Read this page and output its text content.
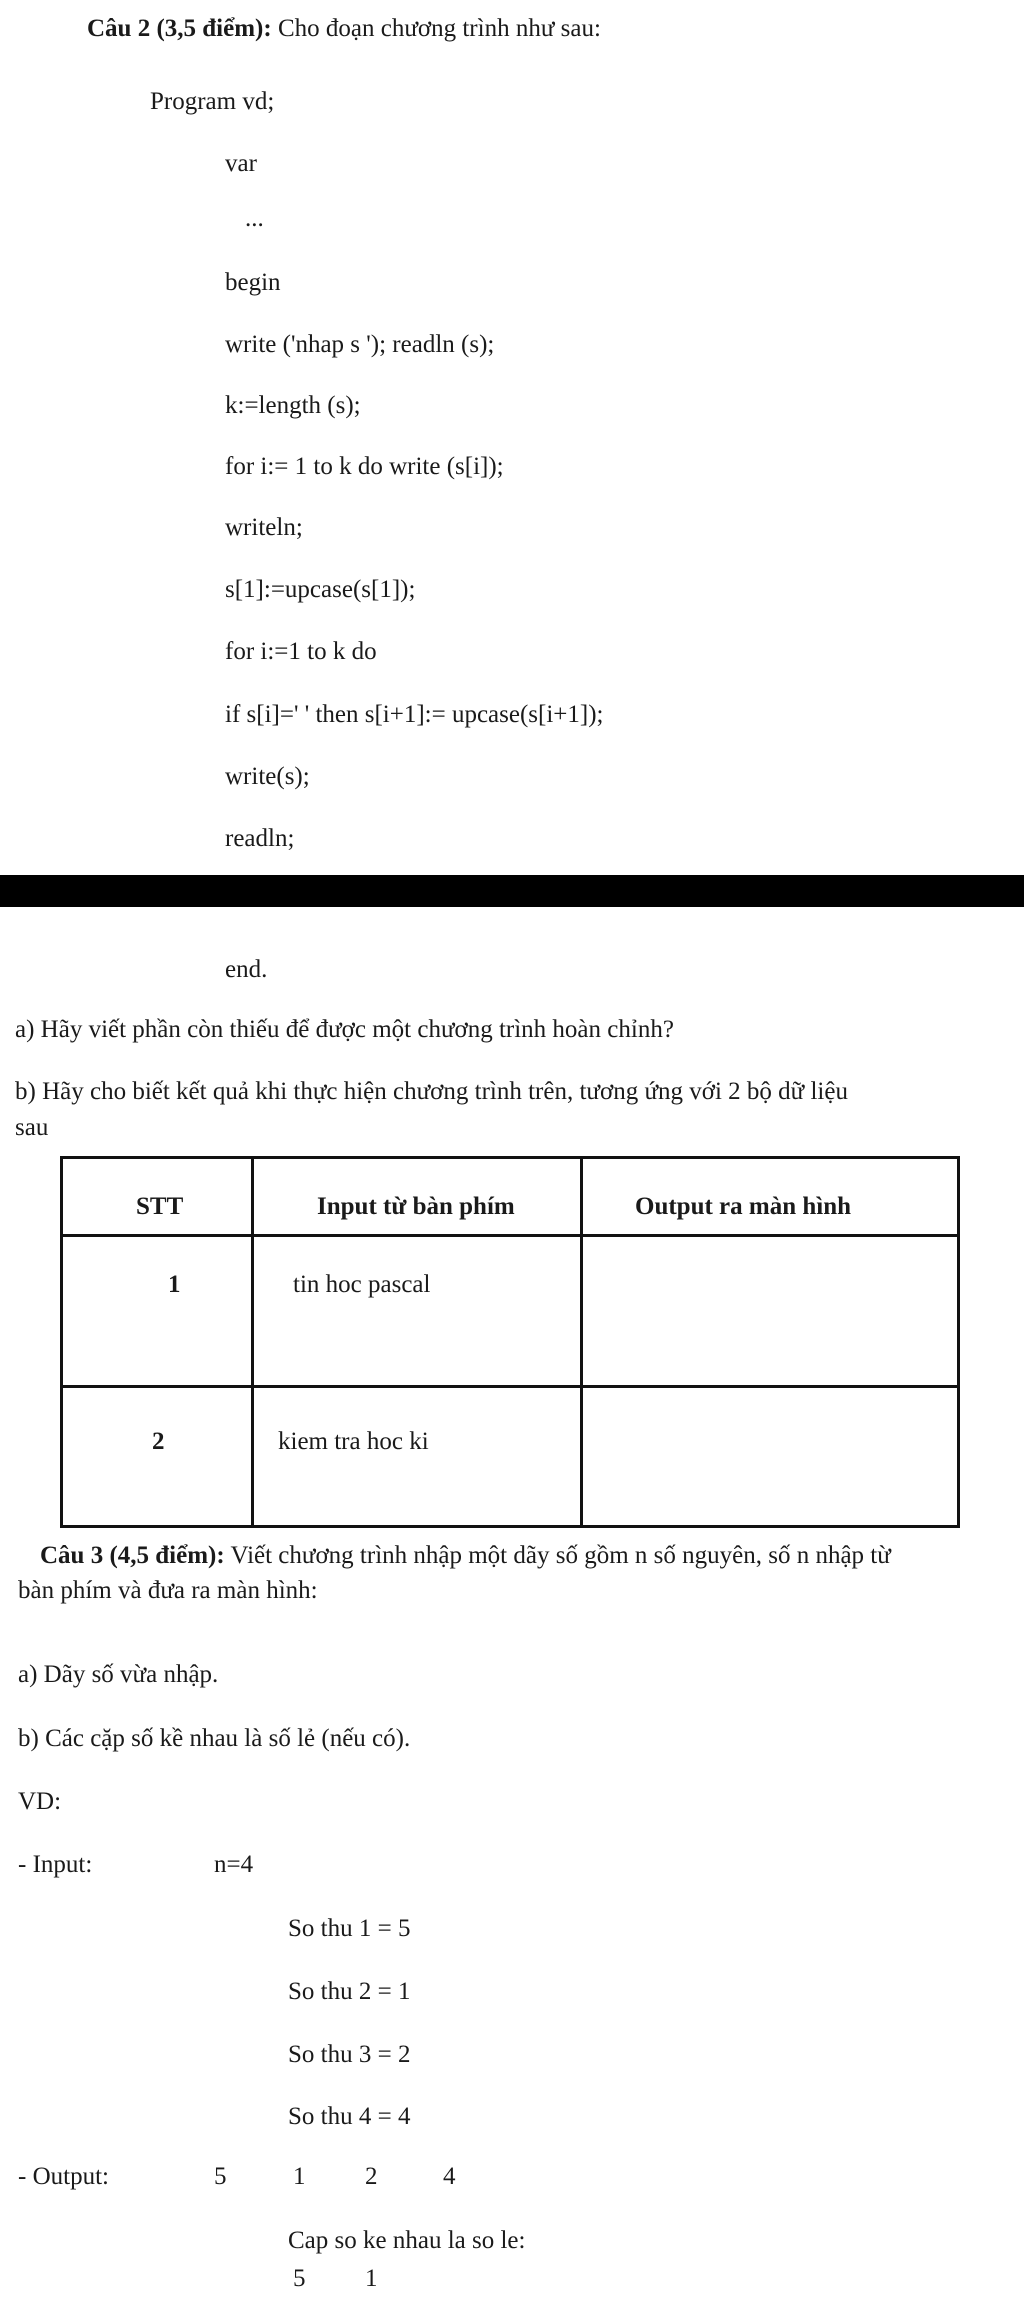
Câu 2 (3,5 điểm): Cho đoạn chương trình như sau:
Program vd;
var
...
begin
write ('nhap s '); readln (s);
k:=length (s);
for i:= 1 to k do write (s[i]);
writeln;
s[1]:=upcase(s[1]);
for i:=1 to k do
if s[i]=' ' then s[i+1]:= upcase(s[i+1]);
write(s);
readln;
end.
a) Hãy viết phần còn thiếu để được một chương trình hoàn chỉnh?
b) Hãy cho biết kết quả khi thực hiện chương trình trên, tương ứng với 2 bộ dữ liệu
sau
STT	Input từ bàn phím	Output ra màn hình
1	tin hoc pascal
2	kiem tra hoc ki
Câu 3 (4,5 điểm): Viết chương trình nhập một dãy số gồm n số nguyên, số n nhập từ
bàn phím và đưa ra màn hình:
a) Dãy số vừa nhập.
b) Các cặp số kề nhau là số lẻ (nếu có).
VD:
- Input:	n=4
So thu 1 = 5
So thu 2 = 1
So thu 3 = 2
So thu 4 = 4
- Output:	5	1 2	4
Cap so ke nhau la so le:
5 1
